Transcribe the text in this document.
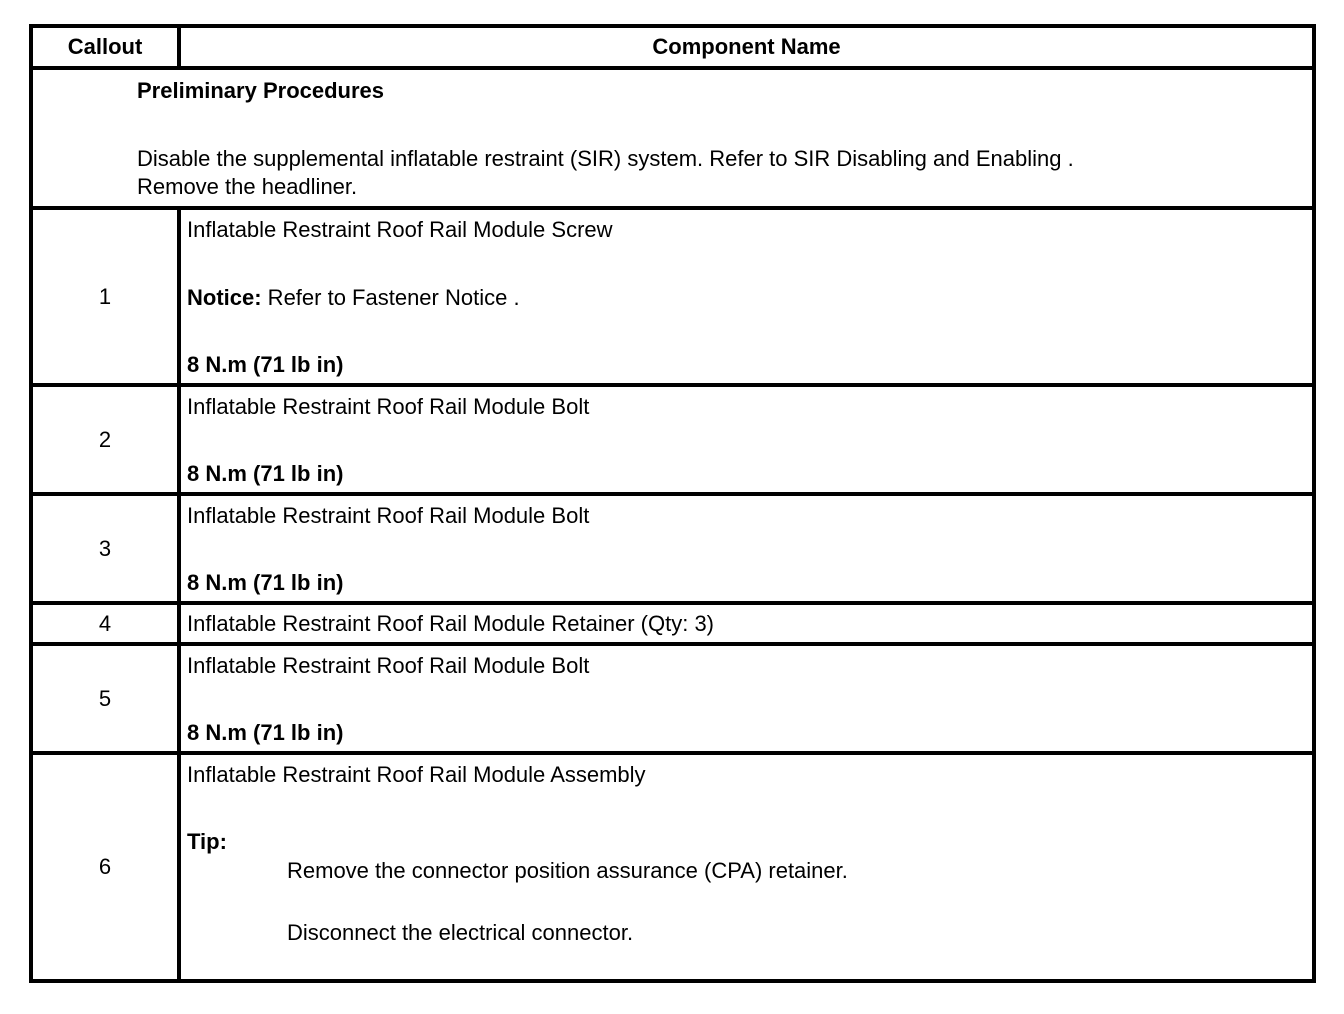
Callout	Component Name
Preliminary Procedures
Disable the supplemental inflatable restraint (SIR) system. Refer to SIR Disabling and Enabling .
Remove the headliner.
1
Inflatable Restraint Roof Rail Module Screw
Notice: Refer to Fastener Notice .
8 N.m (71 lb in)
2
Inflatable Restraint Roof Rail Module Bolt
8 N.m (71 lb in)
3
Inflatable Restraint Roof Rail Module Bolt
8 N.m (71 lb in)
4	Inflatable Restraint Roof Rail Module Retainer (Qty: 3)
5
Inflatable Restraint Roof Rail Module Bolt
8 N.m (71 lb in)
6
Inflatable Restraint Roof Rail Module Assembly
Tip:
Remove the connector position assurance (CPA) retainer.
Disconnect the electrical connector.
